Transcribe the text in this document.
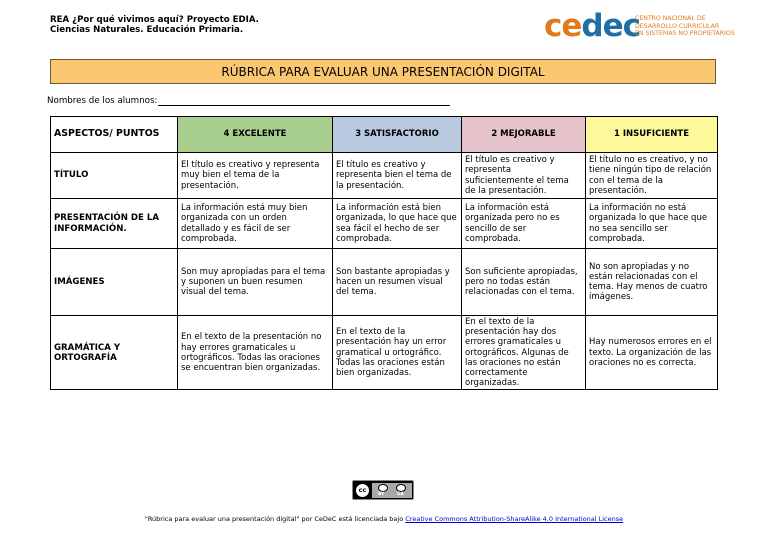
REA ¿Por qué vivimos aquí? Proyecto EDIA.
Ciencias Naturales. Educación Primaria.	cedec
CENTRO NACIONAL DE
DESARROLLO CURRICULAR
EN SISTEMAS NO PROPIETARIOS
RÚBRICA PARA EVALUAR UNA PRESENTACIÓN DIGITAL
Nombres de los alumnos:
ASPECTOS/ PUNTOS	4 EXCELENTE	3 SATISFACTORIO	2 MEJORABLE	1 INSUFICIENTE
TÍTULO	El título es creativo y representa muy bien el tema de la presentación.	El título es creativo y representa bien el tema de la presentación.	El título es creativo y representa suficientemente el tema de la presentación.	El título no es creativo, y no tiene ningún tipo de relación con el tema de la presentación.
PRESENTACIÓN DE LA INFORMACIÓN.	La información está muy bien organizada con un orden detallado y es fácil de ser comprobada.	La información está bien organizada, lo que hace que sea fácil el hecho de ser comprobada.	La información está organizada pero no es sencillo de ser comprobada.	La información no está organizada lo que hace que no sea sencillo ser comprobada.
IMÁGENES	Son muy apropiadas para el tema y suponen un buen resumen visual del tema.	Son bastante apropiadas y hacen un resumen visual del tema.	Son suficiente apropiadas, pero no todas están relacionadas con el tema.	No son apropiadas y no están relacionadas con el tema. Hay menos de cuatro imágenes.
GRAMÁTICA Y ORTOGRAFÍA	En el texto de la presentación no hay errores gramaticales u ortográficos. Todas las oraciones se encuentran bien organizadas.	En el texto de la presentación hay un error gramatical u ortográfico. Todas las oraciones están bien organizadas.	En el texto de la presentación hay dos errores gramaticales u ortográficos. Algunas de las oraciones no están correctamente organizadas.	Hay numerosos errores en el texto. La organización de las oraciones no es correcta.
cc
BY	SA
"Rúbrica para evaluar una presentación digital" por CeDeC está licenciada bajo Creative Commons Attribution-ShareAlike 4.0 International License
